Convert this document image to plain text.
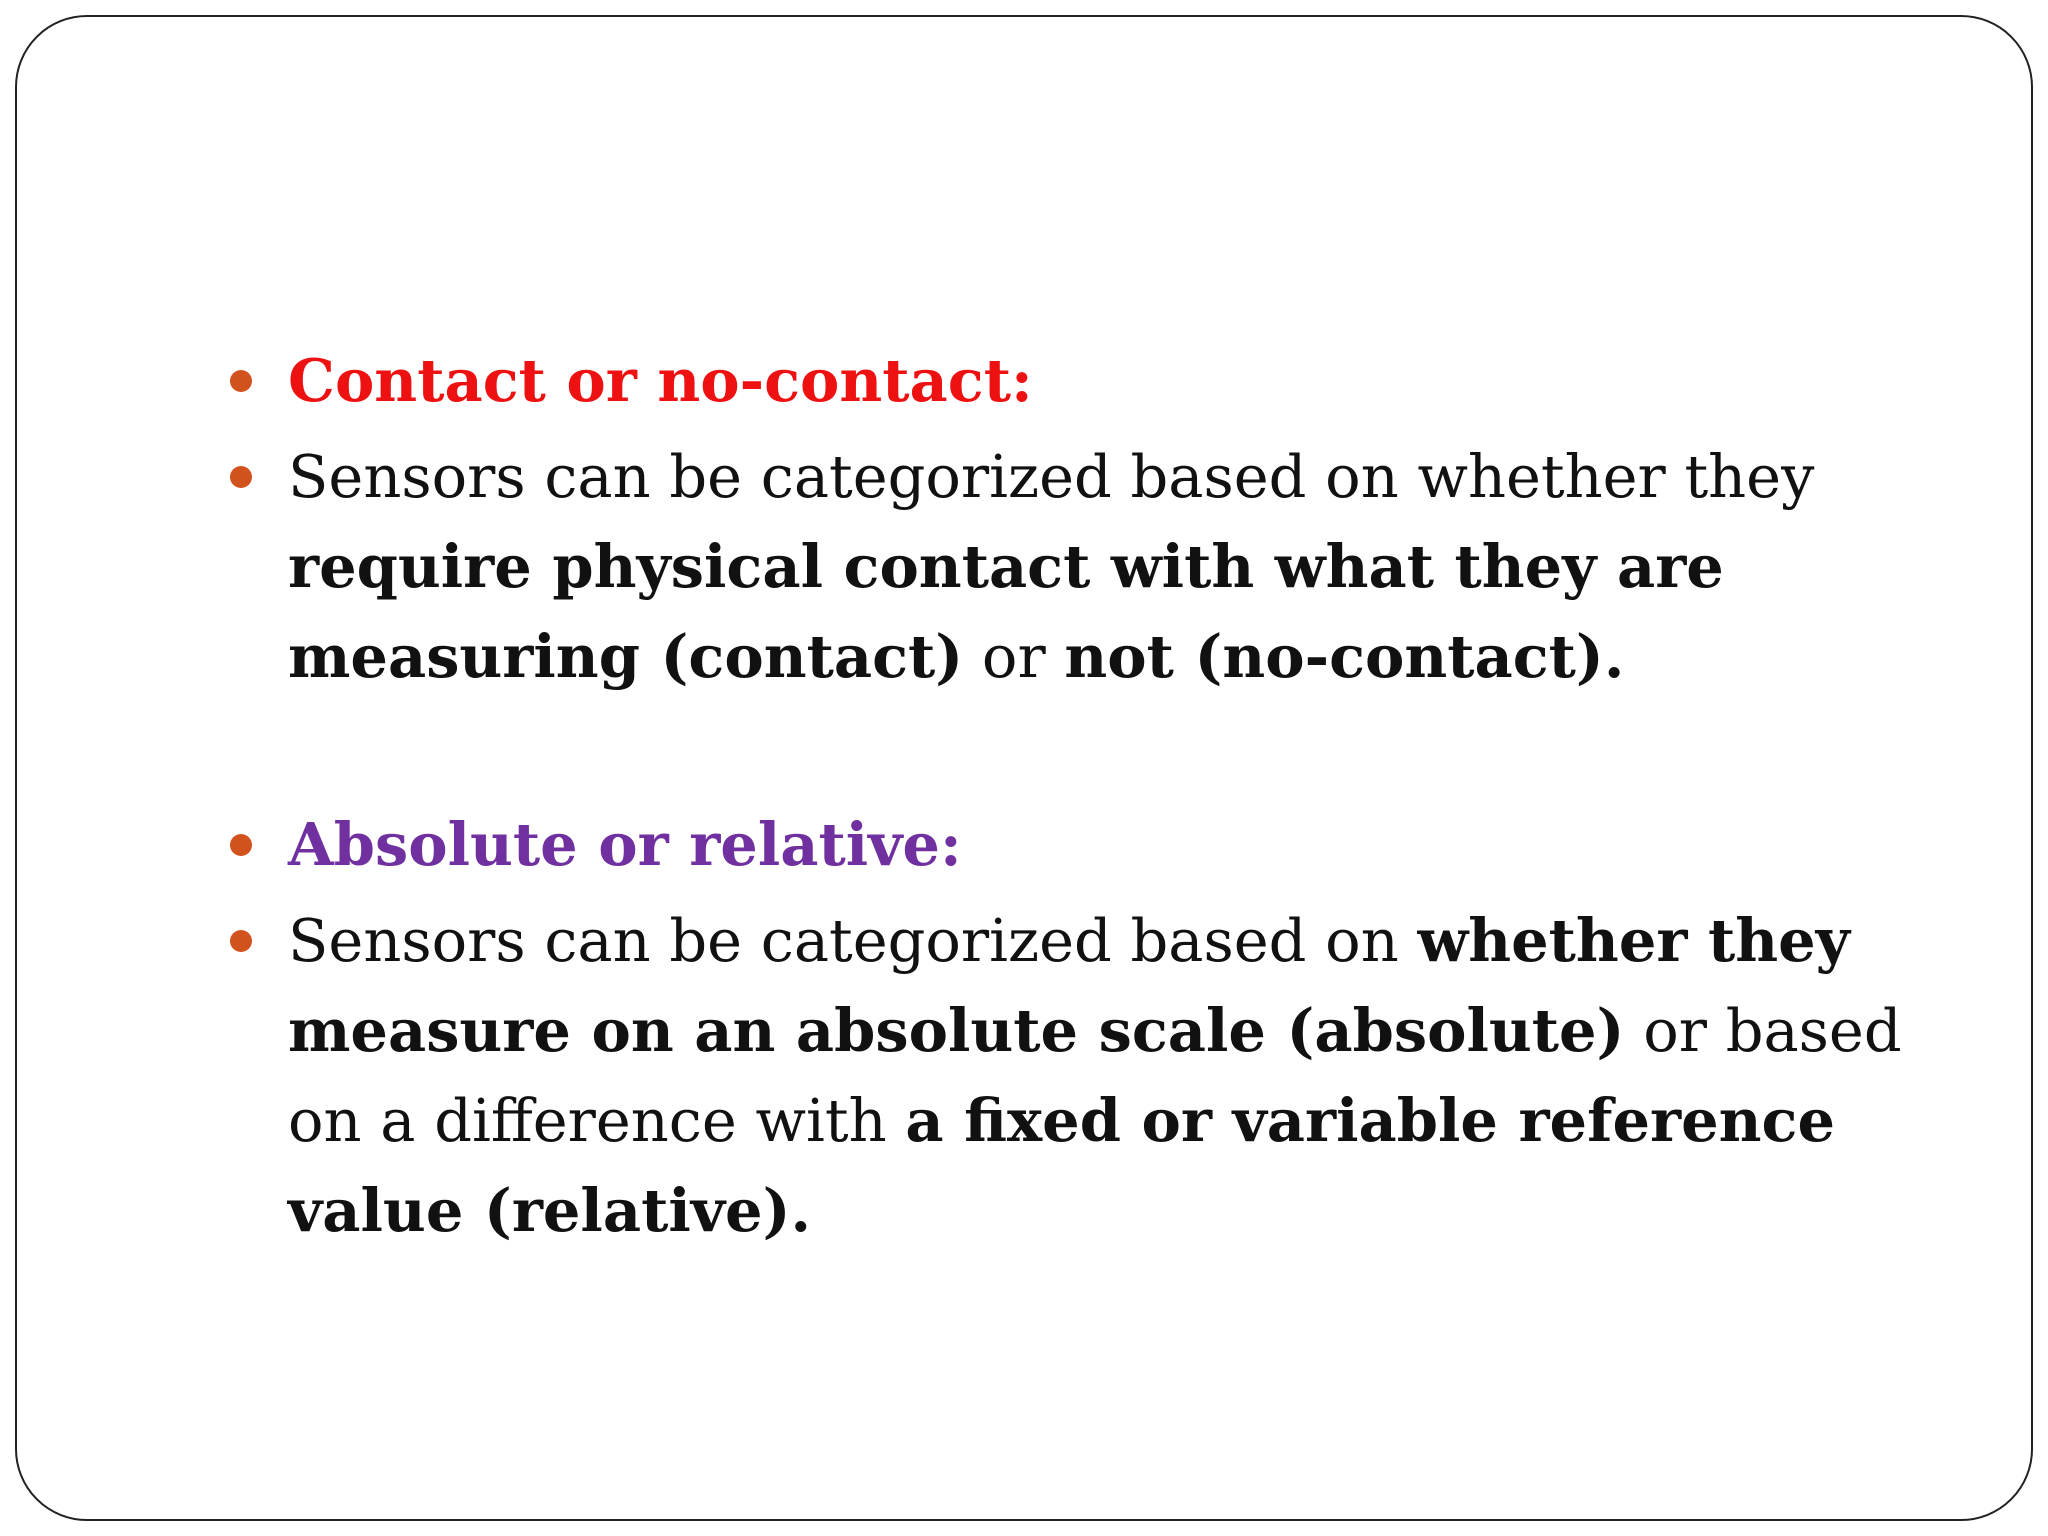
Contact or no-contact:
Sensors can be categorized based on whether they require physical contact with what they are measuring (contact) or not (no-contact).
Absolute or relative:
Sensors can be categorized based on whether they measure on an absolute scale (absolute) or based on a difference with a fixed or variable reference value (relative).
